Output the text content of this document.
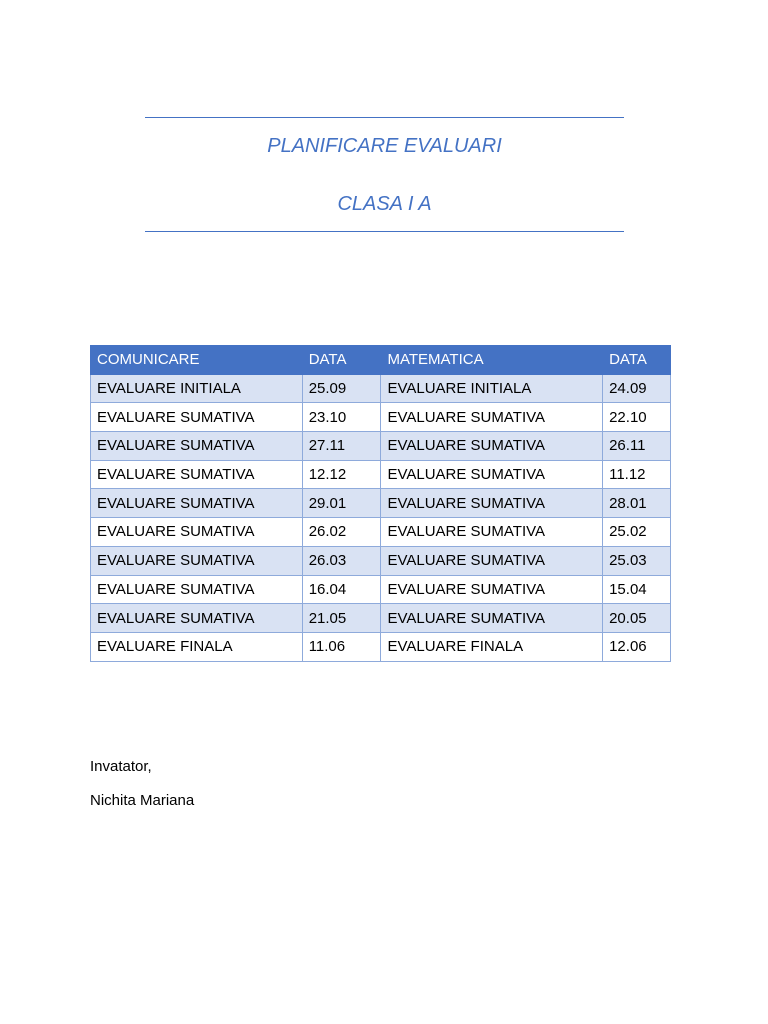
PLANIFICARE EVALUARI
CLASA I A
COMUNICARE	DATA	MATEMATICA	DATA
EVALUARE INITIALA	25.09	EVALUARE INITIALA	24.09
EVALUARE SUMATIVA	23.10	EVALUARE SUMATIVA	22.10
EVALUARE SUMATIVA	27.11	EVALUARE SUMATIVA	26.11
EVALUARE SUMATIVA	12.12	EVALUARE SUMATIVA	11.12
EVALUARE SUMATIVA	29.01	EVALUARE SUMATIVA	28.01
EVALUARE SUMATIVA	26.02	EVALUARE SUMATIVA	25.02
EVALUARE SUMATIVA	26.03	EVALUARE SUMATIVA	25.03
EVALUARE SUMATIVA	16.04	EVALUARE SUMATIVA	15.04
EVALUARE SUMATIVA	21.05	EVALUARE SUMATIVA	20.05
EVALUARE FINALA	11.06	EVALUARE FINALA	12.06
Invatator,
Nichita Mariana
